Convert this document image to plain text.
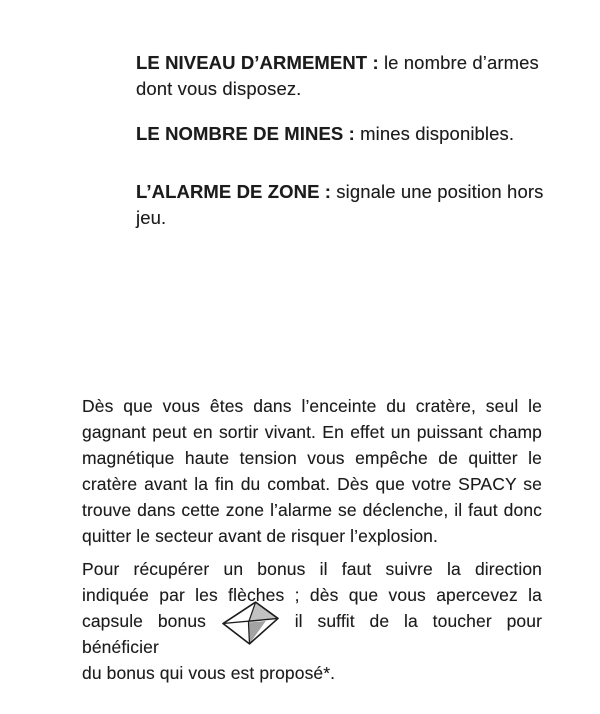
LE NIVEAU D’ARMEMENT : le nombre d’armes dont vous disposez.
LE NOMBRE DE MINES : mines disponibles.
L’ALARME DE ZONE : signale une position hors jeu.
Dès que vous êtes dans l’enceinte du cratère, seul le
gagnant peut en sortir vivant. En effet un puissant champ
magnétique haute tension vous empêche de quitter le
cratère avant la fin du combat. Dès que votre SPACY se
trouve dans cette zone l’alarme se déclenche, il faut donc
quitter le secteur avant de risquer l’explosion.
Pour récupérer un bonus il faut suivre la direction
indiquée par les flèches ; dès que vous apercevez la
capsule bonus	il suffit de la toucher pour bénéficier
du bonus qui vous est proposé*.
